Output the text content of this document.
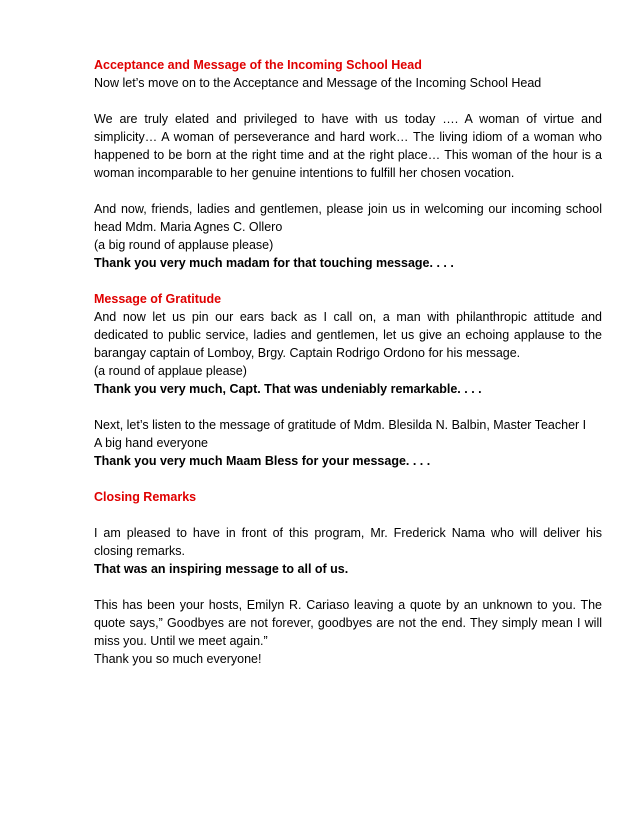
Acceptance and Message of the Incoming School Head

Now let’s move on to the Acceptance and Message of the Incoming School Head

We are truly elated and privileged to have with us today …. A woman of virtue and simplicity… A woman of perseverance and hard work… The living idiom of a woman who happened to be born at the right time and at the right place… This woman of the hour is a woman incomparable to her genuine intentions to fulfill her chosen vocation.

And now, friends, ladies and gentlemen, please join us in welcoming our incoming school head Mdm. Maria Agnes C. Ollero

(a big round of applause please)

Thank you very much madam for that touching message. . . .

Message of Gratitude

And now let us pin our ears back as I call on, a man with philanthropic attitude and dedicated to public service, ladies and gentlemen, let us give an echoing applause to the barangay captain of Lomboy, Brgy. Captain Rodrigo Ordono for his message.

(a round of applaue please)

Thank you very much, Capt. That was undeniably remarkable. . . .

Next, let’s listen to the message of gratitude of Mdm. Blesilda N. Balbin, Master Teacher I

A big hand everyone

Thank you very much Maam Bless for your message. . . .

Closing Remarks

I am pleased to have in front of this program, Mr. Frederick Nama who will deliver his closing remarks.

That was an inspiring message to all of us.

This has been your hosts, Emilyn R. Cariaso leaving a quote by an unknown to you. The quote says,” Goodbyes are not forever, goodbyes are not the end. They simply mean I will miss you. Until we meet again.”

Thank you so much everyone!
